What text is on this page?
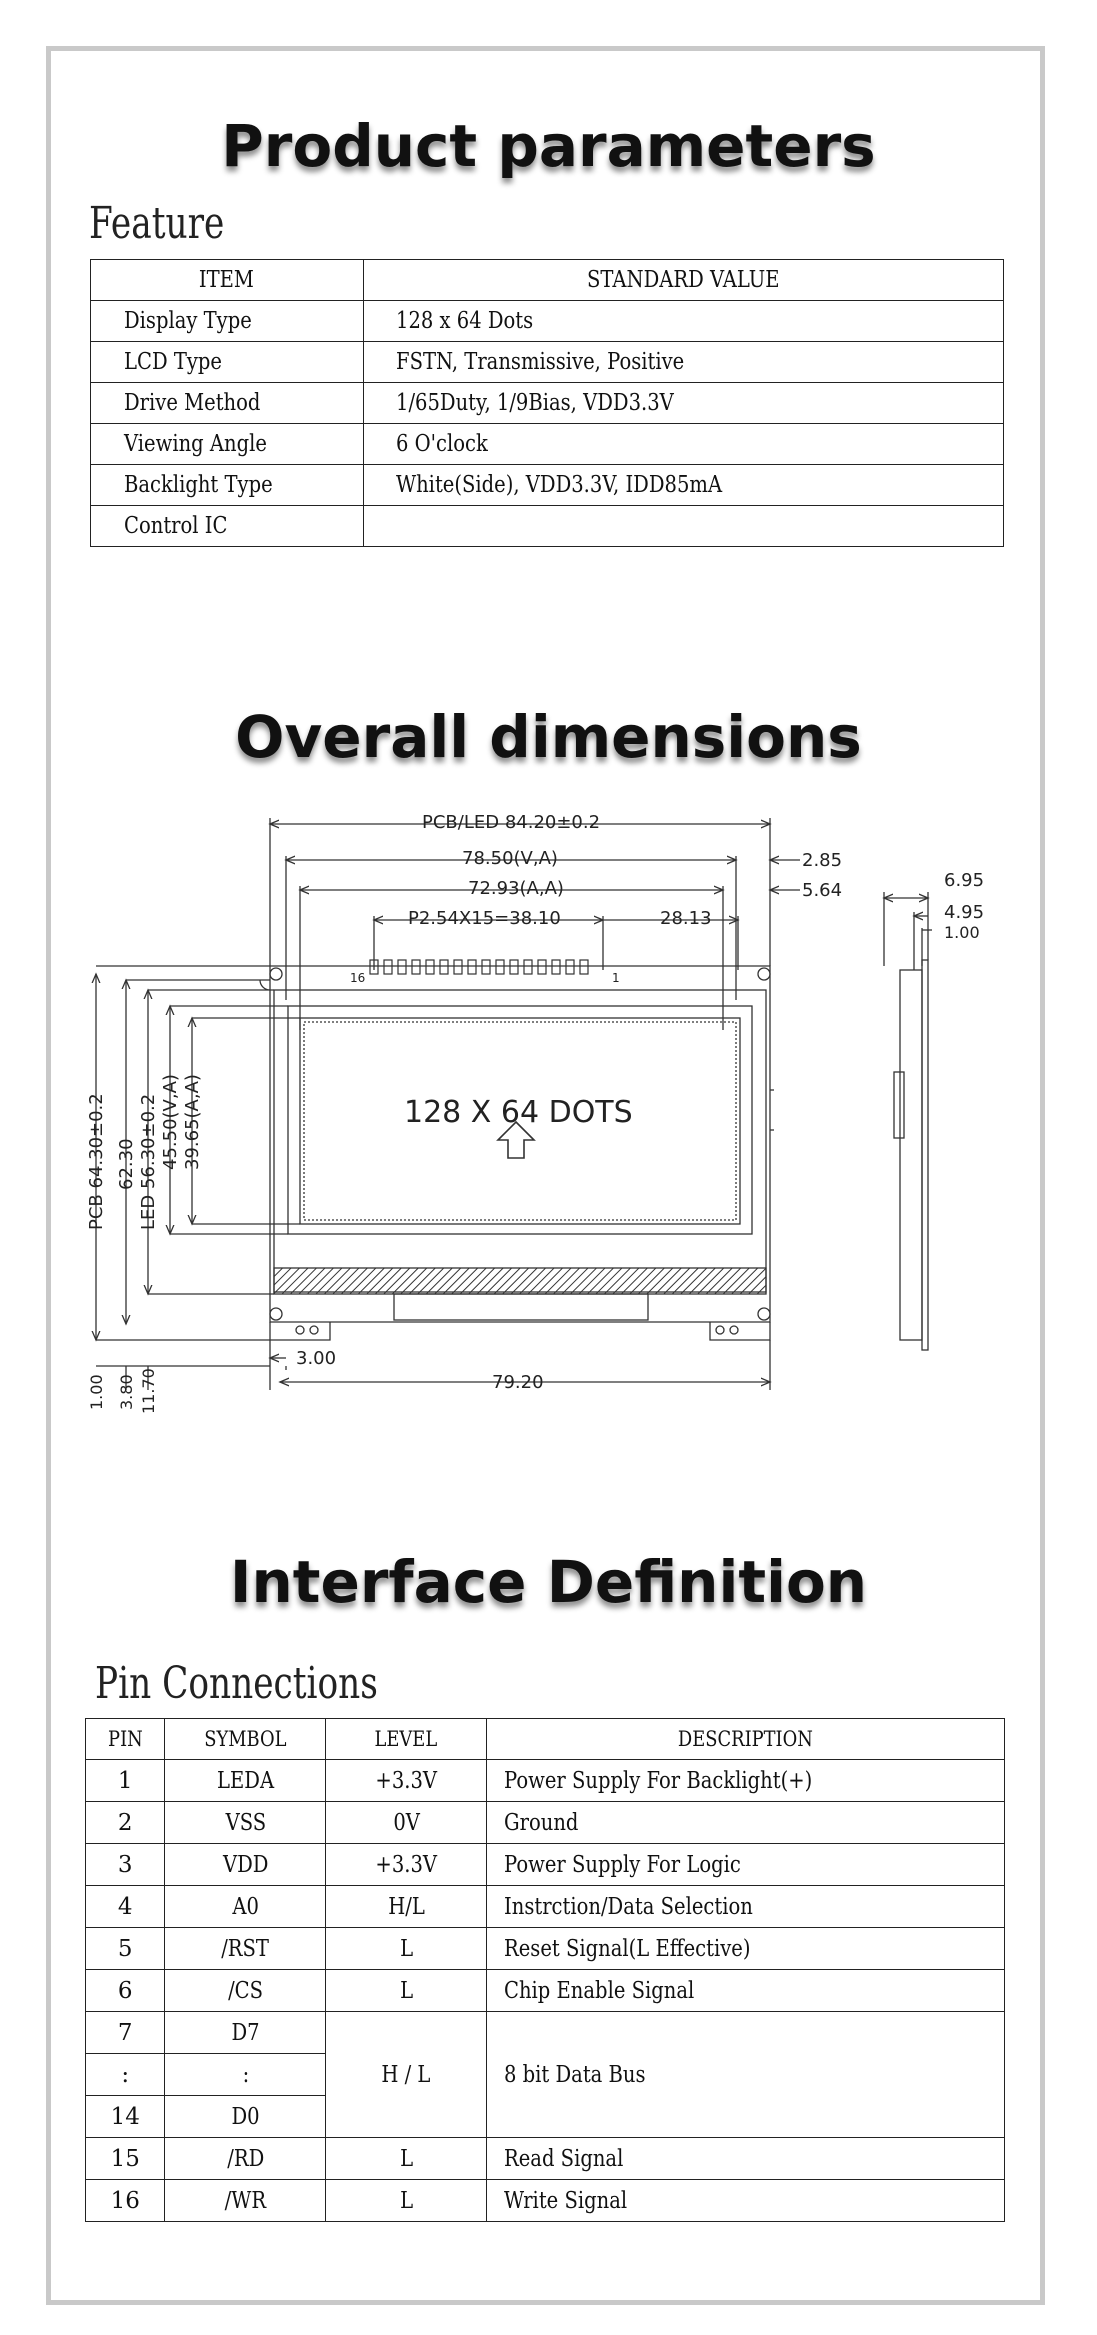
Product parameters
Feature
ITEM	STANDARD VALUE
Display Type	128 x 64 Dots
LCD Type	FSTN, Transmissive, Positive
Drive Method	1/65Duty, 1/9Bias, VDD3.3V
Viewing Angle	6 O'clock
Backlight Type	White(Side), VDD3.3V, IDD85mA
Control IC	
Overall dimensions
PCB/LED 84.20±0.2
78.50(V,A)
72.93(A,A)
P2.54X15=38.10	28.13
2.85
5.64	6.95
4.95
1.00
16	1
128 X 64 DOTS
PCB 64.30±0.2 62.30 LED 56.30±0.2 45.50(V,A) 39.65(A,A)
3.00
79.20
1.00 3.80 11.70
Interface Definition
Pin Connections
PIN	SYMBOL	LEVEL	DESCRIPTION
1	LEDA	+3.3V	Power Supply For Backlight(+)
2	VSS	0V	Ground
3	VDD	+3.3V	Power Supply For Logic
4	A0	H/L	Instrction/Data Selection
5	/RST	L	Reset Signal(L Effective)
6	/CS	L	Chip Enable Signal
7	D7	H / L	8 bit Data Bus
:	:		
14	D0		
15	/RD	L	Read Signal
16	/WR	L	Write Signal
